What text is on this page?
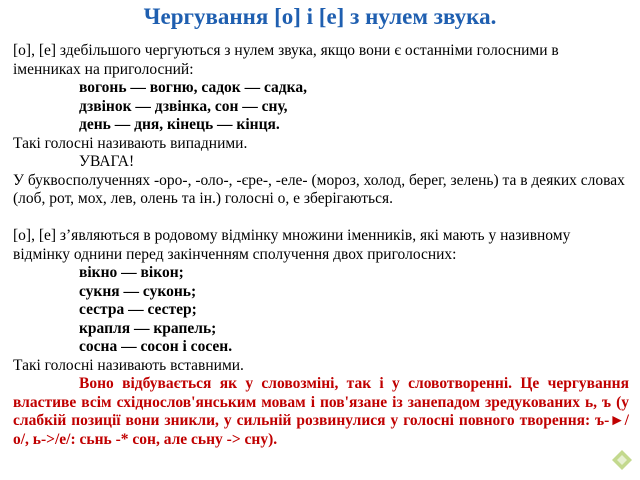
Чергування [о] і [е] з нулем звука.

[о], [е] здебільшого чергуються з нулем звука, якщо вони є останніми голосними в іменниках на приголосний:

вогонь — вогню, садок — садка,

дзвінок — дзвінка, сон — сну,

день — дня, кінець — кінця.

Такі голосні називають випадними.

УВАГА!

У буквосполученнях -оро-, -оло-, -єре-, -еле- (мороз, холод, берег, зелень) та в деяких словах (лоб, рот, мох, лев, олень та ін.) голосні о, е зберігаються.

[о], [е] з’являються в родовому відмінку множини іменників, які мають у називному відмінку однини перед закінченням сполучення двох приголосних:

вікно — вікон;

сукня — суконь;

сестра — сестер;

крапля — крапель;

сосна — сосон і сосен.

Такі голосні називають вставними.

Воно відбувається як у словозміні, так і у словотворенні. Це чергування властиве всім східнослов'янським мовам і пов'язане із занепадом зредукованих ь, ъ (у слабкій позиції вони зникли, у сильній розвинулися у голосні повного творення: ъ-►/о/, ь->/е/: сьнь -* сон, але сьну -> сну).
